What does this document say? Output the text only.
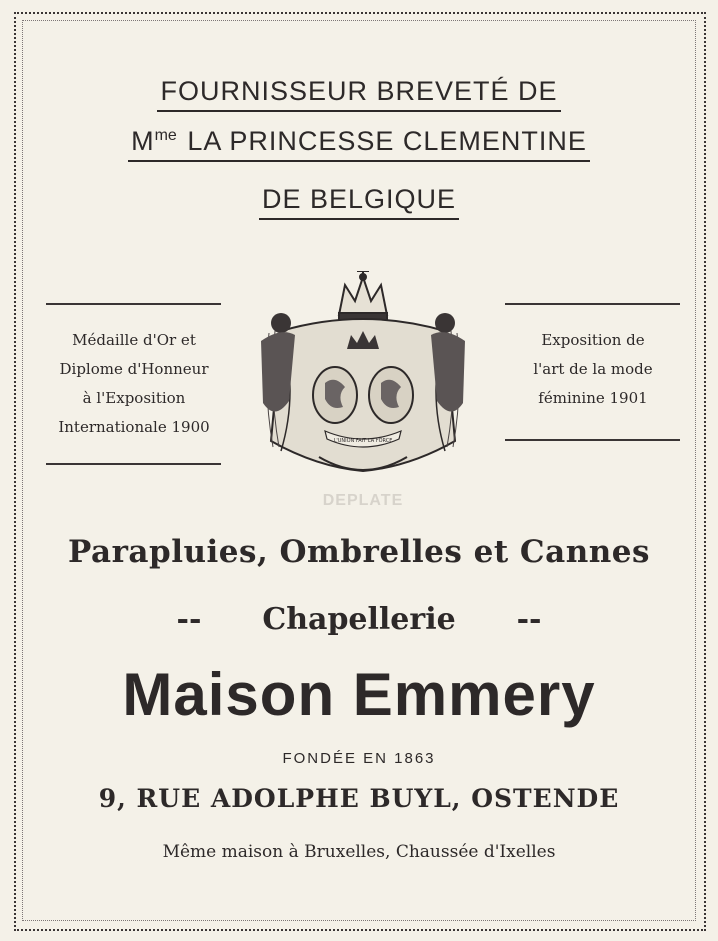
FOURNISSEUR BREVETÉ DE
Mme LA PRINCESSE CLEMENTINE
DE BELGIQUE
Médaille d'Or et
Diplome d'Honneur
à l'Exposition
Internationale 1900
Exposition de
l'art de la mode
féminine 1901
L'UNION FAIT LA FORCE
DEPLATE
Parapluies, Ombrelles et Cannes
-- Chapellerie --
Maison Emmery
FONDÉE EN 1863
9, RUE ADOLPHE BUYL, OSTENDE
Même maison à Bruxelles, Chaussée d'Ixelles
